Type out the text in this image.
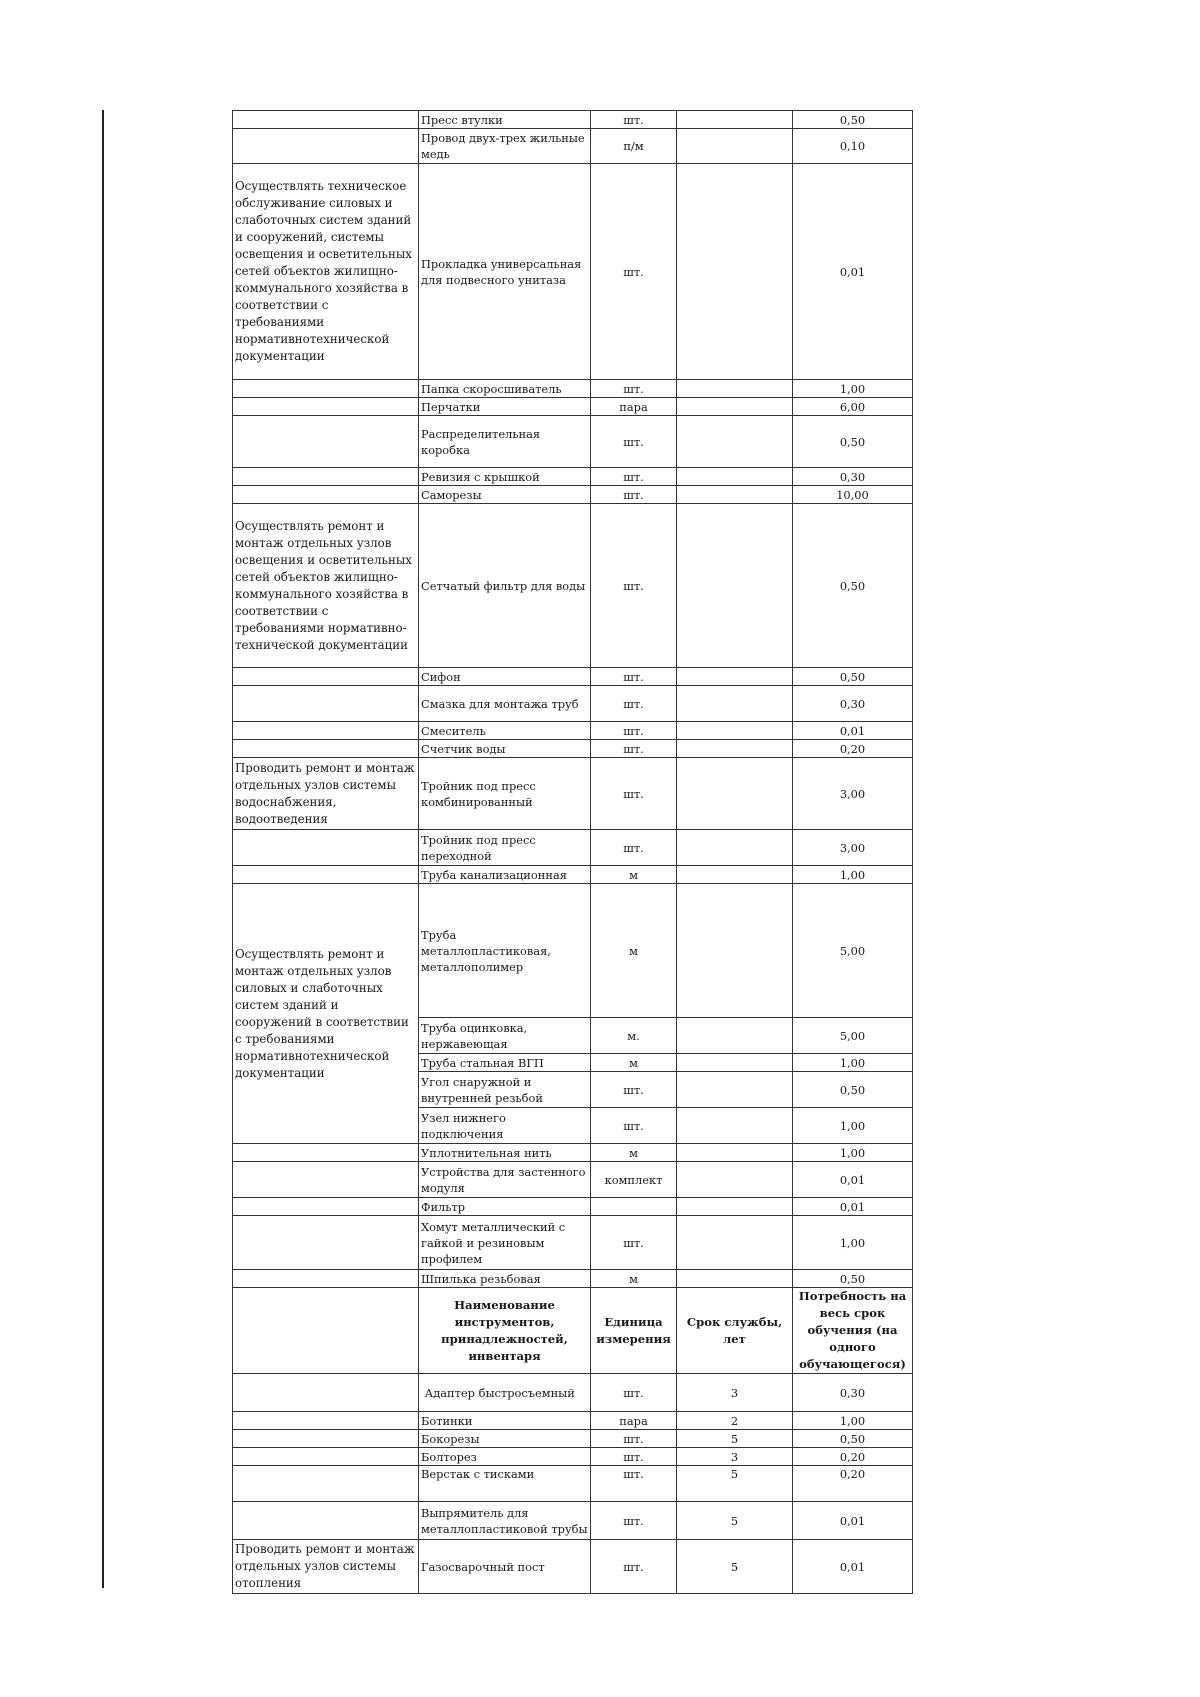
	Пресс втулки	шт.		0,50
	Провод двух-трех жильные медь	п/м		0,10
Осуществлять техническое обслуживание силовых и слаботочных систем зданий и сооружений, системы освещения и осветительных сетей объектов жилищно-коммунального хозяйства в соответствии с требованиями нормативнотехнической документации	Прокладка универсальная для подвесного унитаза	шт.		0,01
	Папка скоросшиватель	шт.		1,00
	Перчатки	пара		6,00
	Распределительная коробка	шт.		0,50
	Ревизия с крышкой	шт.		0,30
	Саморезы	шт.		10,00
Осуществлять ремонт и монтаж отдельных узлов освещения и осветительных сетей объектов жилищно-коммунального хозяйства в соответствии с требованиями нормативно-технической документации	Сетчатый фильтр для воды	шт.		0,50
	Сифон	шт.		0,50
	Смазка для монтажа труб	шт.		0,30
	Смеситель	шт.		0,01
	Счетчик воды	шт.		0,20
Проводить ремонт и монтаж отдельных узлов системы водоснабжения, водоотведения	Тройник под пресс комбинированный	шт.		3,00
	Тройник под пресс переходной	шт.		3,00
	Труба канализационная	м		1,00
Осуществлять ремонт и монтаж отдельных узлов силовых и слаботочных систем зданий и сооружений в соответствии с требованиями нормативнотехнической документации	Труба металлопластиковая, металлополимер	м		5,00
	Труба оцинковка, нержавеющая	м.		5,00
	Труба стальная ВГП	м		1,00
	Угол снаружной и внутренней резьбой	шт.		0,50
	Узел нижнего подключения	шт.		1,00
	Уплотнительная нить	м		1,00
	Устройства для застенного модуля	комплект		0,01
	Фильтр			0,01
	Хомут металлический с гайкой и резиновым профилем	шт.		1,00
	Шпилька резьбовая	м		0,50
	Наименование инструментов, принадлежностей, инвентаря	Единица измерения	Срок службы, лет	Потребность на весь срок обучения (на одного обучающегося)
	Адаптер быстросъемный	шт.	3	0,30
	Ботинки	пара	2	1,00
	Бокорезы	шт.	5	0,50
	Болторез	шт.	3	0,20
	Верстак с тисками	шт.	5	0,20
	Выпрямитель для металлопластиковой трубы	шт.	5	0,01
Проводить ремонт и монтаж отдельных узлов системы отопления	Газосварочный пост	шт.	5	0,01
